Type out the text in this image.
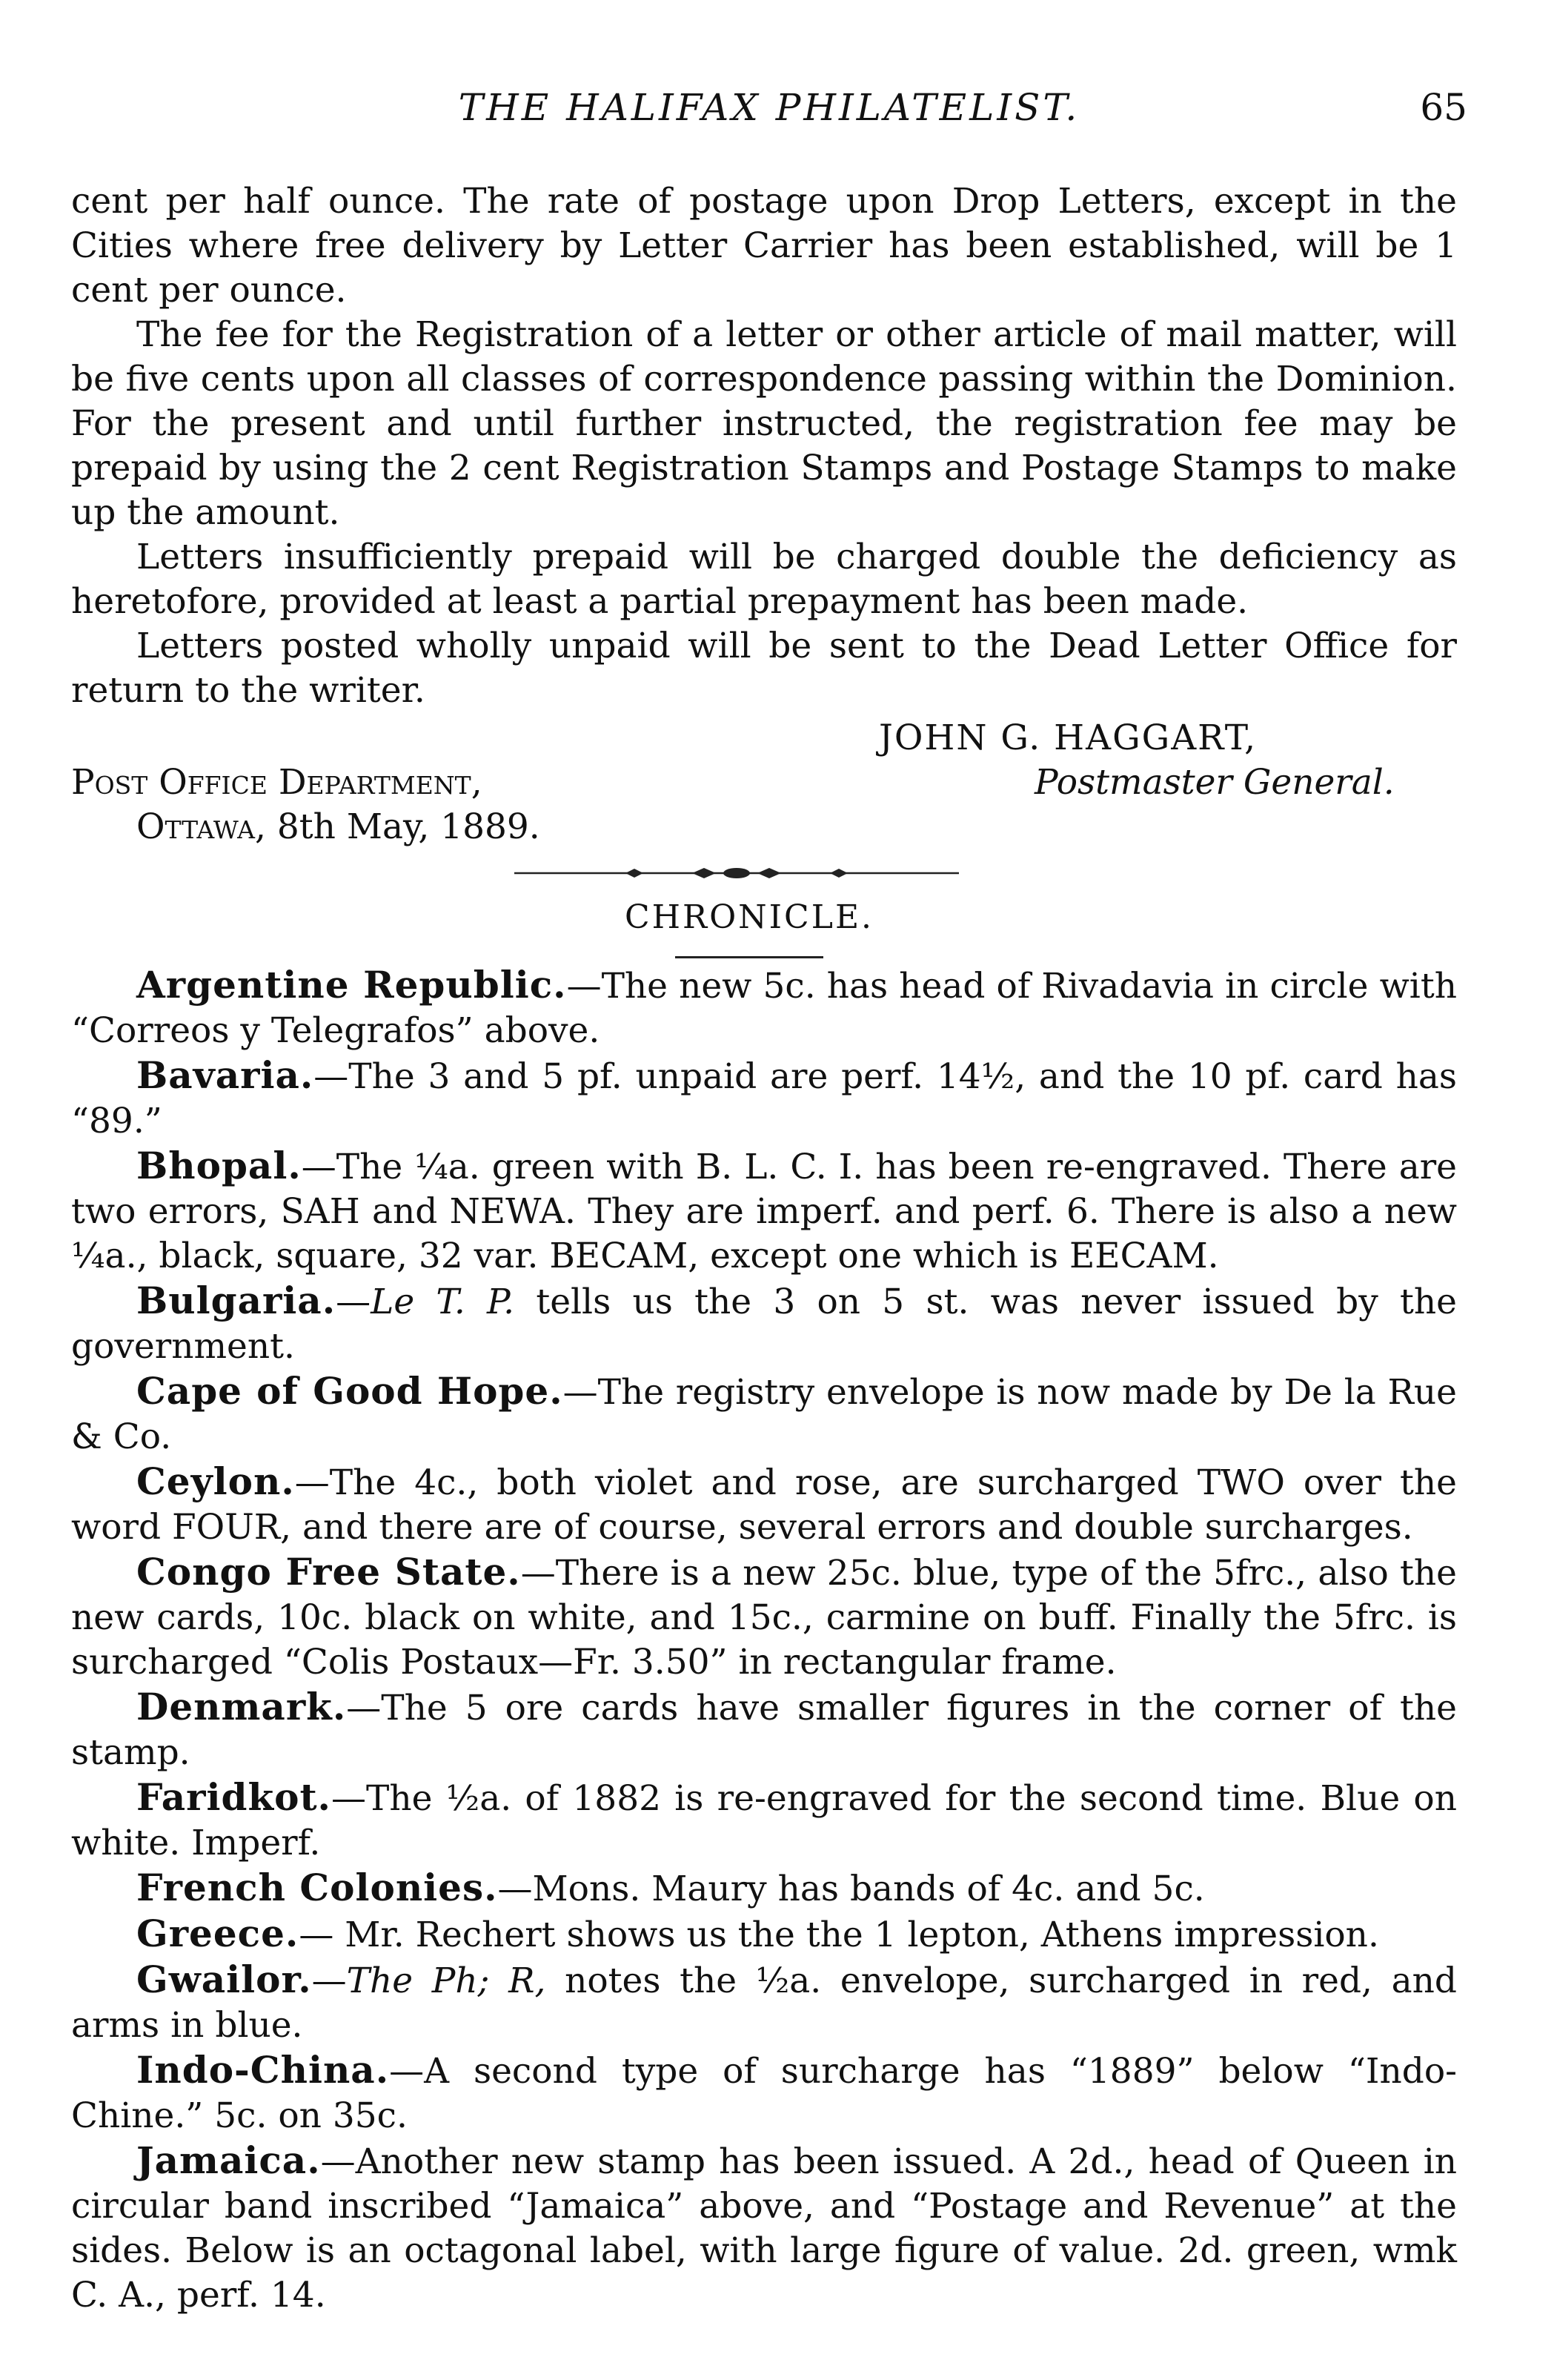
THE HALIFAX PHILATELIST.	65

cent per half ounce. The rate of postage upon Drop Letters, except in the Cities where free delivery by Letter Carrier has been established, will be 1 cent per ounce.

The fee for the Registration of a letter or other article of mail matter, will be five cents upon all classes of correspondence passing within the Dominion. For the present and until further instructed, the registration fee may be prepaid by using the 2 cent Registration Stamps and Postage Stamps to make up the amount.

Letters insufficiently prepaid will be charged double the deficiency as heretofore, provided at least a partial prepayment has been made.

Letters posted wholly unpaid will be sent to the Dead Letter Office for return to the writer.

JOHN G. HAGGART,
Post Office Department,	Postmaster General.
Ottawa, 8th May, 1889.
CHRONICLE.

Argentine Republic.—The new 5c. has head of Rivadavia in circle with “Correos y Telegrafos” above.

Bavaria.—The 3 and 5 pf. unpaid are perf. 14½, and the 10 pf. card has “89.”

Bhopal.—The ¼a. green with B. L. C. I. has been re-engraved. There are two errors, SAH and NEWA. They are imperf. and perf. 6. There is also a new ¼a., black, square, 32 var. BECAM, except one which is EECAM.

Bulgaria.—Le T. P. tells us the 3 on 5 st. was never issued by the government.

Cape of Good Hope.—The registry envelope is now made by De la Rue & Co.

Ceylon.—The 4c., both violet and rose, are surcharged TWO over the word FOUR, and there are of course, several errors and double surcharges.

Congo Free State.—There is a new 25c. blue, type of the 5frc., also the new cards, 10c. black on white, and 15c., carmine on buff. Finally the 5frc. is surcharged “Colis Postaux—Fr. 3.50” in rectangular frame.

Denmark.—The 5 ore cards have smaller figures in the corner of the stamp.

Faridkot.—The ½a. of 1882 is re-engraved for the second time. Blue on white. Imperf.

French Colonies.—Mons. Maury has bands of 4c. and 5c.

Greece.— Mr. Rechert shows us the the 1 lepton, Athens impression.

Gwailor.—The Ph; R, notes the ½a. envelope, surcharged in red, and arms in blue.

Indo-China.—A second type of surcharge has “1889” below “Indo-Chine.” 5c. on 35c.

Jamaica.—Another new stamp has been issued. A 2d., head of Queen in circular band inscribed “Jamaica” above, and “Postage and Revenue” at the sides. Below is an octagonal label, with large figure of value. 2d. green, wmk C. A., perf. 14.
